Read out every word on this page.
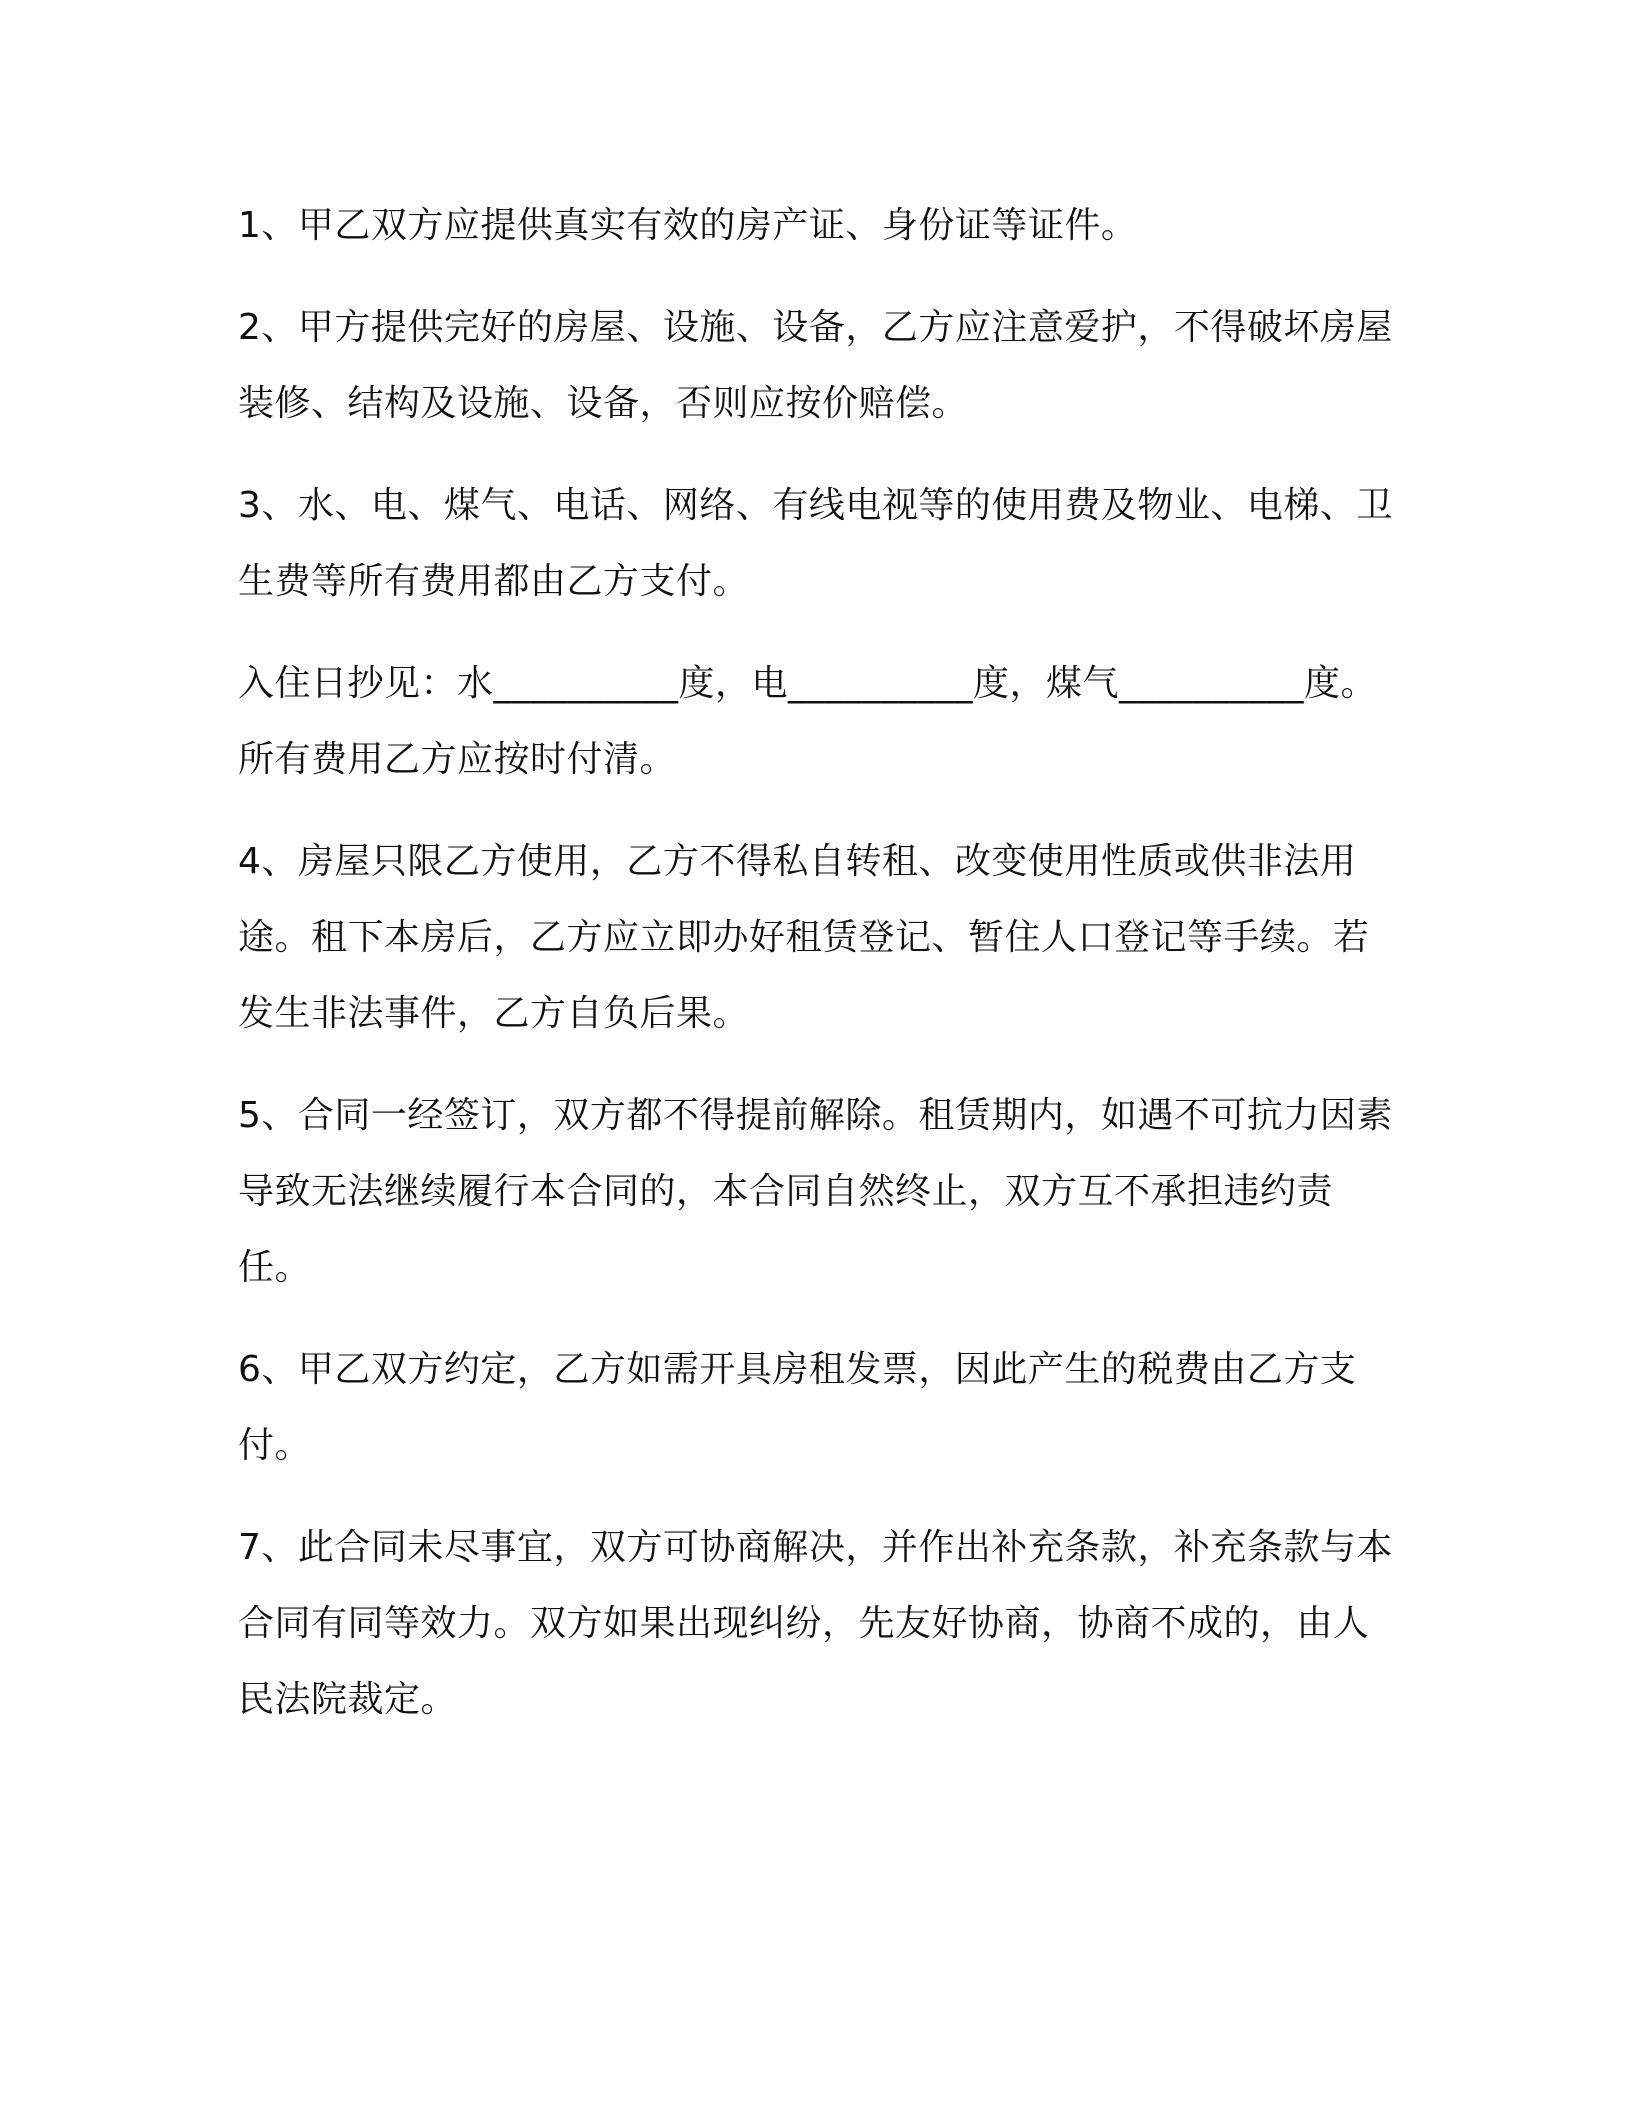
1、甲乙双方应提供真实有效的房产证、身份证等证件。

2、甲方提供完好的房屋、设施、设备，乙方应注意爱护，不得破坏房屋装修、结构及设施、设备，否则应按价赔偿。

3、水、电、煤气、电话、网络、有线电视等的使用费及物业、电梯、卫生费等所有费用都由乙方支付。

入住日抄见：水__________度，电__________度，煤气__________度。所有费用乙方应按时付清。

4、房屋只限乙方使用，乙方不得私自转租、改变使用性质或供非法用途。租下本房后，乙方应立即办好租赁登记、暂住人口登记等手续。若发生非法事件，乙方自负后果。

5、合同一经签订，双方都不得提前解除。租赁期内，如遇不可抗力因素导致无法继续履行本合同的，本合同自然终止，双方互不承担违约责任。

6、甲乙双方约定，乙方如需开具房租发票，因此产生的税费由乙方支付。

7、此合同未尽事宜，双方可协商解决，并作出补充条款，补充条款与本合同有同等效力。双方如果出现纠纷，先友好协商，协商不成的，由人民法院裁定。
